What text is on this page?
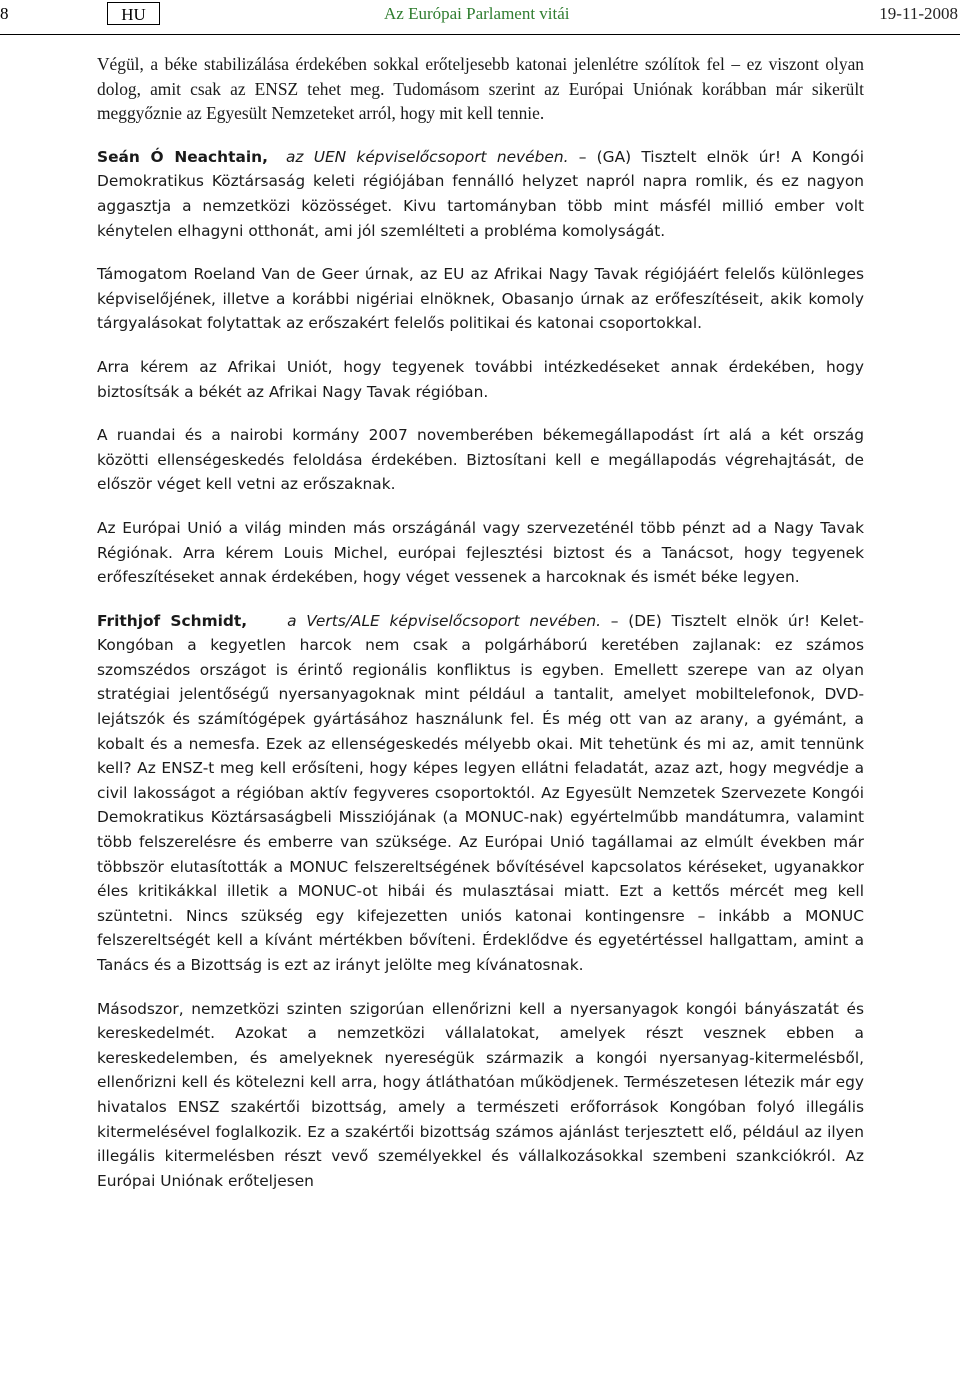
8	HU	Az Európai Parlament vitái	19-11-2008

Végül, a béke stabilizálása érdekében sokkal erőteljesebb katonai jelenlétre szólítok fel – ez viszont olyan dolog, amit csak az ENSZ tehet meg. Tudomásom szerint az Európai Uniónak korábban már sikerült meggyőznie az Egyesült Nemzeteket arról, hogy mit kell tennie.

Seán Ó Neachtain, az UEN képviselőcsoport nevében. – (GA) Tisztelt elnök úr! A Kongói Demokratikus Köztársaság keleti régiójában fennálló helyzet napról napra romlik, és ez nagyon aggasztja a nemzetközi közösséget. Kivu tartományban több mint másfél millió ember volt kénytelen elhagyni otthonát, ami jól szemlélteti a probléma komolyságát.

Támogatom Roeland Van de Geer úrnak, az EU az Afrikai Nagy Tavak régiójáért felelős különleges képviselőjének, illetve a korábbi nigériai elnöknek, Obasanjo úrnak az erőfeszítéseit, akik komoly tárgyalásokat folytattak az erőszakért felelős politikai és katonai csoportokkal.

Arra kérem az Afrikai Uniót, hogy tegyenek további intézkedéseket annak érdekében, hogy biztosítsák a békét az Afrikai Nagy Tavak régióban.

A ruandai és a nairobi kormány 2007 novemberében békemegállapodást írt alá a két ország közötti ellenségeskedés feloldása érdekében. Biztosítani kell e megállapodás végrehajtását, de először véget kell vetni az erőszaknak.

Az Európai Unió a világ minden más országánál vagy szervezeténél több pénzt ad a Nagy Tavak Régiónak. Arra kérem Louis Michel, európai fejlesztési biztost és a Tanácsot, hogy tegyenek erőfeszítéseket annak érdekében, hogy véget vessenek a harcoknak és ismét béke legyen.

Frithjof Schmidt,	a Verts/ALE képviselőcsoport nevében. – (DE) Tisztelt elnök úr! Kelet-Kongóban a kegyetlen harcok nem csak a polgárháború keretében zajlanak: ez számos szomszédos országot is érintő regionális konfliktus is egyben. Emellett szerepe van az olyan stratégiai jelentőségű nyersanyagoknak mint például a tantalit, amelyet mobiltelefonok, DVD-lejátszók és számítógépek gyártásához használunk fel. És még ott van az arany, a gyémánt, a kobalt és a nemesfa. Ezek az ellenségeskedés mélyebb okai. Mit tehetünk és mi az, amit tennünk kell? Az ENSZ-t meg kell erősíteni, hogy képes legyen ellátni feladatát, azaz azt, hogy megvédje a civil lakosságot a régióban aktív fegyveres csoportoktól. Az Egyesült Nemzetek Szervezete Kongói Demokratikus Köztársaságbeli Missziójának (a MONUC-nak) egyértelműbb mandátumra, valamint több felszerelésre és emberre van szüksége. Az Európai Unió tagállamai az elmúlt években már többször elutasították a MONUC felszereltségének bővítésével kapcsolatos kéréseket, ugyanakkor éles kritikákkal illetik a MONUC-ot hibái és mulasztásai miatt. Ezt a kettős mércét meg kell szüntetni. Nincs szükség egy kifejezetten uniós katonai kontingensre – inkább a MONUC felszereltségét kell a kívánt mértékben bővíteni. Érdeklődve és egyetértéssel hallgattam, amint a Tanács és a Bizottság is ezt az irányt jelölte meg kívánatosnak.

Másodszor, nemzetközi szinten szigorúan ellenőrizni kell a nyersanyagok kongói bányászatát és kereskedelmét. Azokat a nemzetközi vállalatokat, amelyek részt vesznek ebben a kereskedelemben, és amelyeknek nyereségük származik a kongói nyersanyag-kitermelésből, ellenőrizni kell és kötelezni kell arra, hogy átláthatóan működjenek. Természetesen létezik már egy hivatalos ENSZ szakértői bizottság, amely a természeti erőforrások Kongóban folyó illegális kitermelésével foglalkozik. Ez a szakértői bizottság számos ajánlást terjesztett elő, például az ilyen illegális kitermelésben részt vevő személyekkel és vállalkozásokkal szembeni szankciókról. Az Európai Uniónak erőteljesen
